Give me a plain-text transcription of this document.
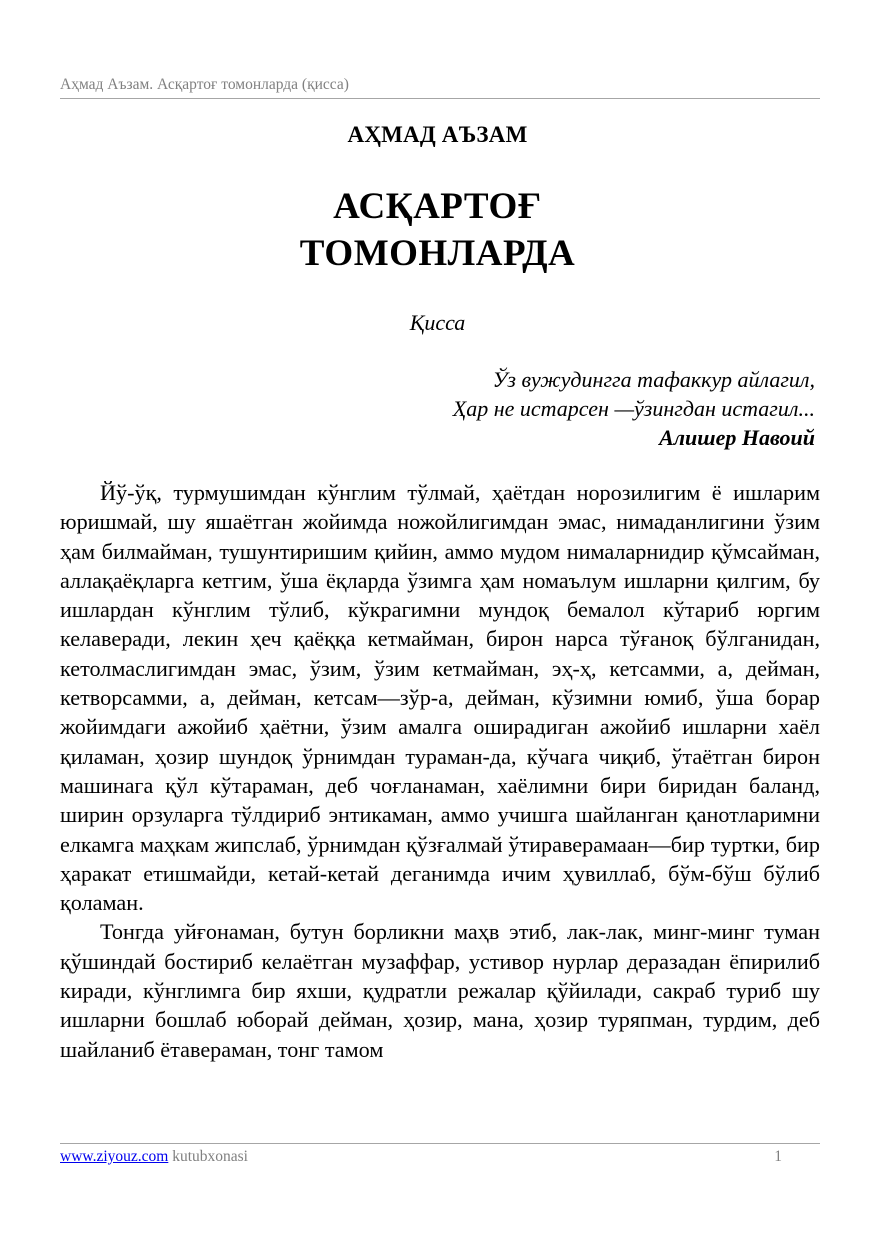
Аҳмад Аъзам. Асқартоғ томонларда (қисса)
АҲМАД АЪЗАМ
АСҚАРТОҒ
ТОМОНЛАРДА
Қисса
Ўз вужудингга тафаккур айлагил,
Ҳар не истарсен —ўзингдан истагил...
Алишер Навоий

Йў-ўқ, турмушимдан кўнглим тўлмай, ҳаётдан норозилигим ё ишларим юришмай, шу яшаётган жойимда ножойлигимдан эмас, нимаданлигини ўзим ҳам билмайман, тушунтиришим қийин, аммо мудом нималарнидир қўмсайман, аллақаёқларга кетгим, ўша ёқларда ўзимга ҳам номаълум ишларни қилгим, бу ишлардан кўнглим тўлиб, кўкрагимни мундоқ бемалол кўтариб юргим келаверади, лекин ҳеч қаёққа кетмайман, бирон нарса тўғаноқ бўлганидан, кетолмаслигимдан эмас, ўзим, ўзим кетмайман, эҳ-ҳ, кетсамми, а, дейман, кетворсамми, а, дейман, кетсам—зўр-а, дейман, кўзимни юмиб, ўша борар жойимдаги ажойиб ҳаётни, ўзим амалга оширадиган ажойиб ишларни хаёл қиламан, ҳозир шундоқ ўрнимдан тураман-да, кўчага чиқиб, ўтаётган бирон машинага қўл кўтараман, деб чоғланаман, хаёлимни бири биридан баланд, ширин орзуларга тўлдириб энтикаман, аммо учишга шайланган қанотларимни елкамга маҳкам жипслаб, ўрнимдан қўзғалмай ўтираверамаан—бир туртки, бир ҳаракат етишмайди, кетай-кетай деганимда ичим ҳувиллаб, бўм-бўш бўлиб қоламан.

Тонгда уйғонаман, бутун борликни маҳв этиб, лак-лак, минг-минг туман қўшиндай бостириб келаётган музаффар, устивор нурлар деразадан ёпирилиб киради, кўнглимга бир яхши, қудратли режалар қўйилади, сакраб туриб шу ишларни бошлаб юборай дейман, ҳозир, мана, ҳозир туряпман, турдим, деб шайланиб ётавераман, тонг тамом

www.ziyouz.com kutubxonasi	1
